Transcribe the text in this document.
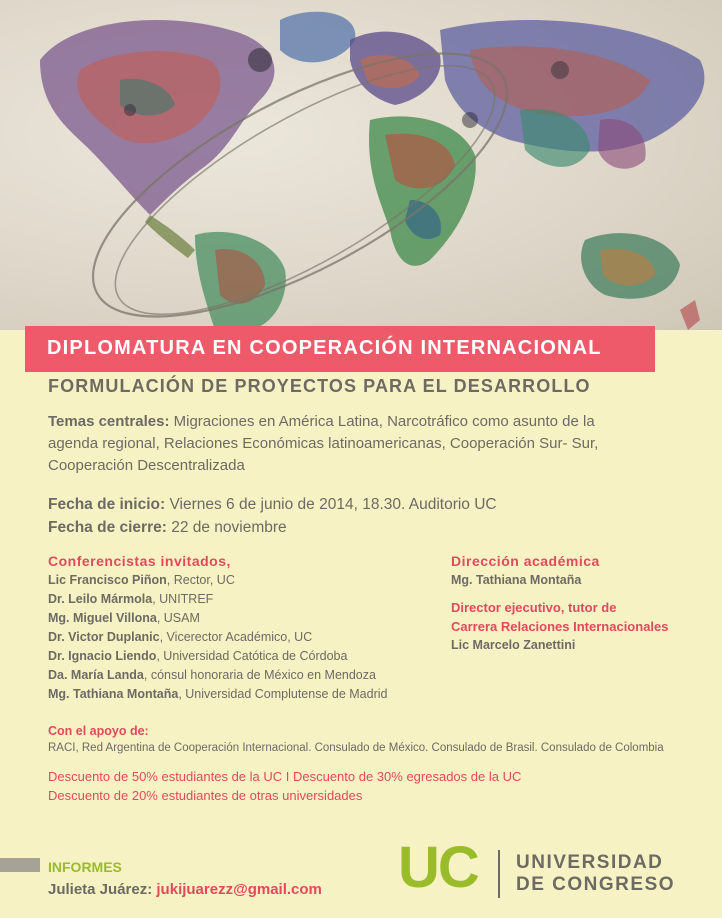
DIPLOMATURA EN COOPERACIÓN INTERNACIONAL
FORMULACIÓN DE PROYECTOS PARA EL DESARROLLO
Temas centrales: Migraciones en América Latina, Narcotráfico como asunto de la
agenda regional, Relaciones Económicas latinoamericanas, Cooperación Sur- Sur,
Cooperación Descentralizada
Fecha de inicio: Viernes 6 de junio de 2014, 18.30. Auditorio UC
Fecha de cierre: 22 de noviembre
Conferencistas invitados,
Lic Francisco Piñon, Rector, UC
Dr. Leilo Mármola, UNITREF
Mg. Miguel Villona, USAM
Dr. Victor Duplanic, Vicerector Académico, UC
Dr. Ignacio Liendo, Universidad Catótica de Córdoba
Da. María Landa, cónsul honoraria de México en Mendoza
Mg. Tathiana Montaña, Universidad Complutense de Madrid
Dirección académica
Mg. Tathiana Montaña
Director ejecutivo, tutor de
Carrera Relaciones Internacionales
Lic Marcelo Zanettini
Con el apoyo de:
RACI, Red Argentina de Cooperación Internacional. Consulado de México. Consulado de Brasil. Consulado de Colombia
Descuento de 50% estudiantes de la UC I Descuento de 30% egresados de la UC
Descuento de 20% estudiantes de otras universidades
INFORMES
Julieta Juárez: jukijuarezz@gmail.com UC UNIVERSIDAD
DE CONGRESO
